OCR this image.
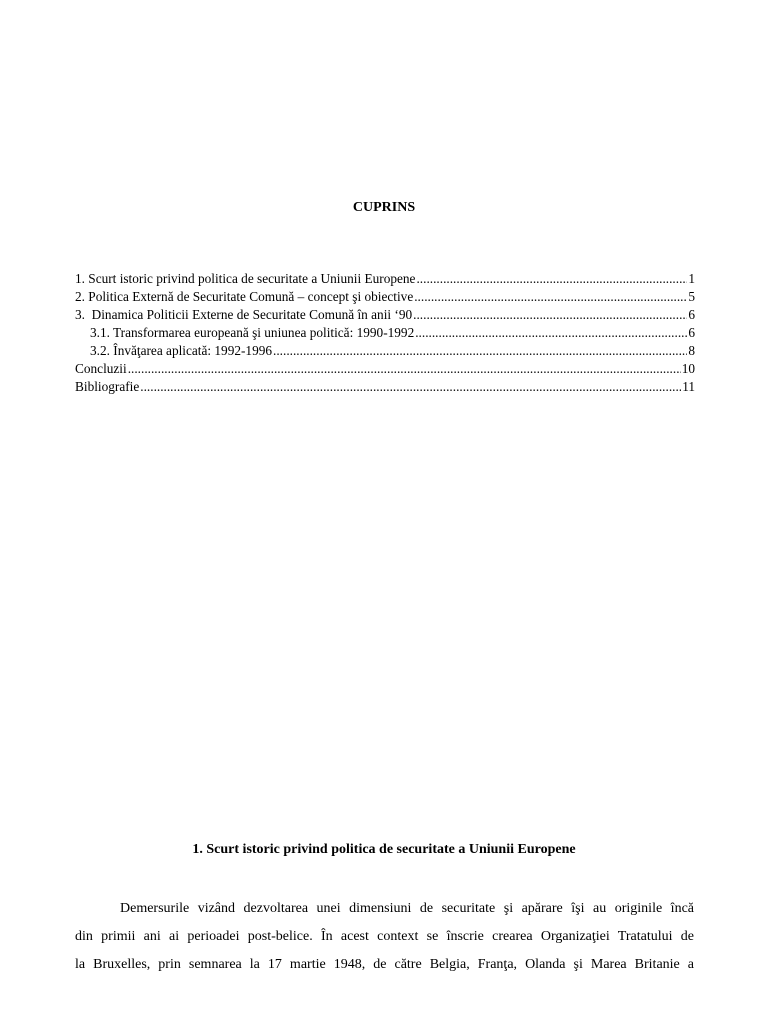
CUPRINS
1. Scurt istoric privind politica de securitate a Uniunii Europene .....	1
2. Politica Externă de Securitate Comună – concept şi obiective .....	5
3.  Dinamica Politicii Externe de Securitate Comună în anii ‘90 .....	6
3.1. Transformarea europeană şi uniunea politică: 1990-1992 .....	6
3.2. Învăţarea aplicată: 1992-1996 .....	8
Concluzii .....	10
Bibliografie .....	11
1. Scurt istoric privind politica de securitate a Uniunii Europene

Demersurile vizând dezvoltarea unei dimensiuni de securitate şi apărare îşi au originile încă
din primii ani ai perioadei post-belice. În acest context se înscrie crearea Organizaţiei Tratatului de
la Bruxelles, prin semnarea la 17 martie 1948, de către Belgia, Franţa, Olanda şi Marea Britanie a
